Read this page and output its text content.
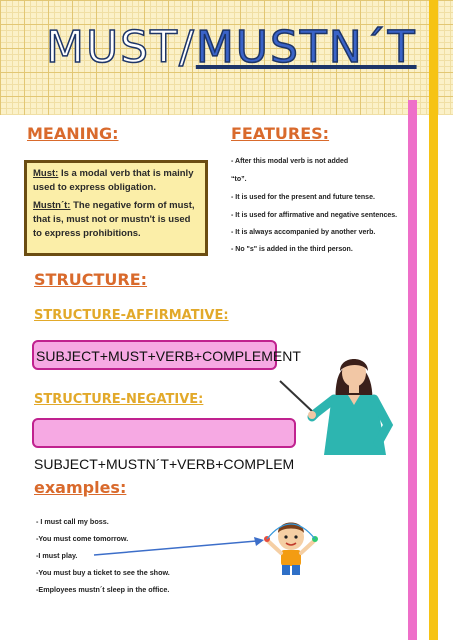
MUST/MUSTN´T
MEANING:	FEATURES:

Must: Is a modal verb that is mainly used to express obligation.

Mustn´t: The negative form of must, that is, must not or mustn't is used to express prohibitions.

- After this modal verb is not added
“to”.
- It is used for the present and future tense.
- It is used for affirmative and negative sentences.
- It is always accompanied by another verb.
- No "s" is added in the third person.
STRUCTURE:
STRUCTURE-AFFIRMATIVE:
SUBJECT+MUST+VERB+COMPLEMENT
STRUCTURE-NEGATIVE:
SUBJECT+MUSTN´T+VERB+COMPLEM
examples:
- I must call my boss.
-You must come tomorrow.
-I must play.
-You must buy a ticket to see the show.
-Employees mustn´t sleep in the office.
